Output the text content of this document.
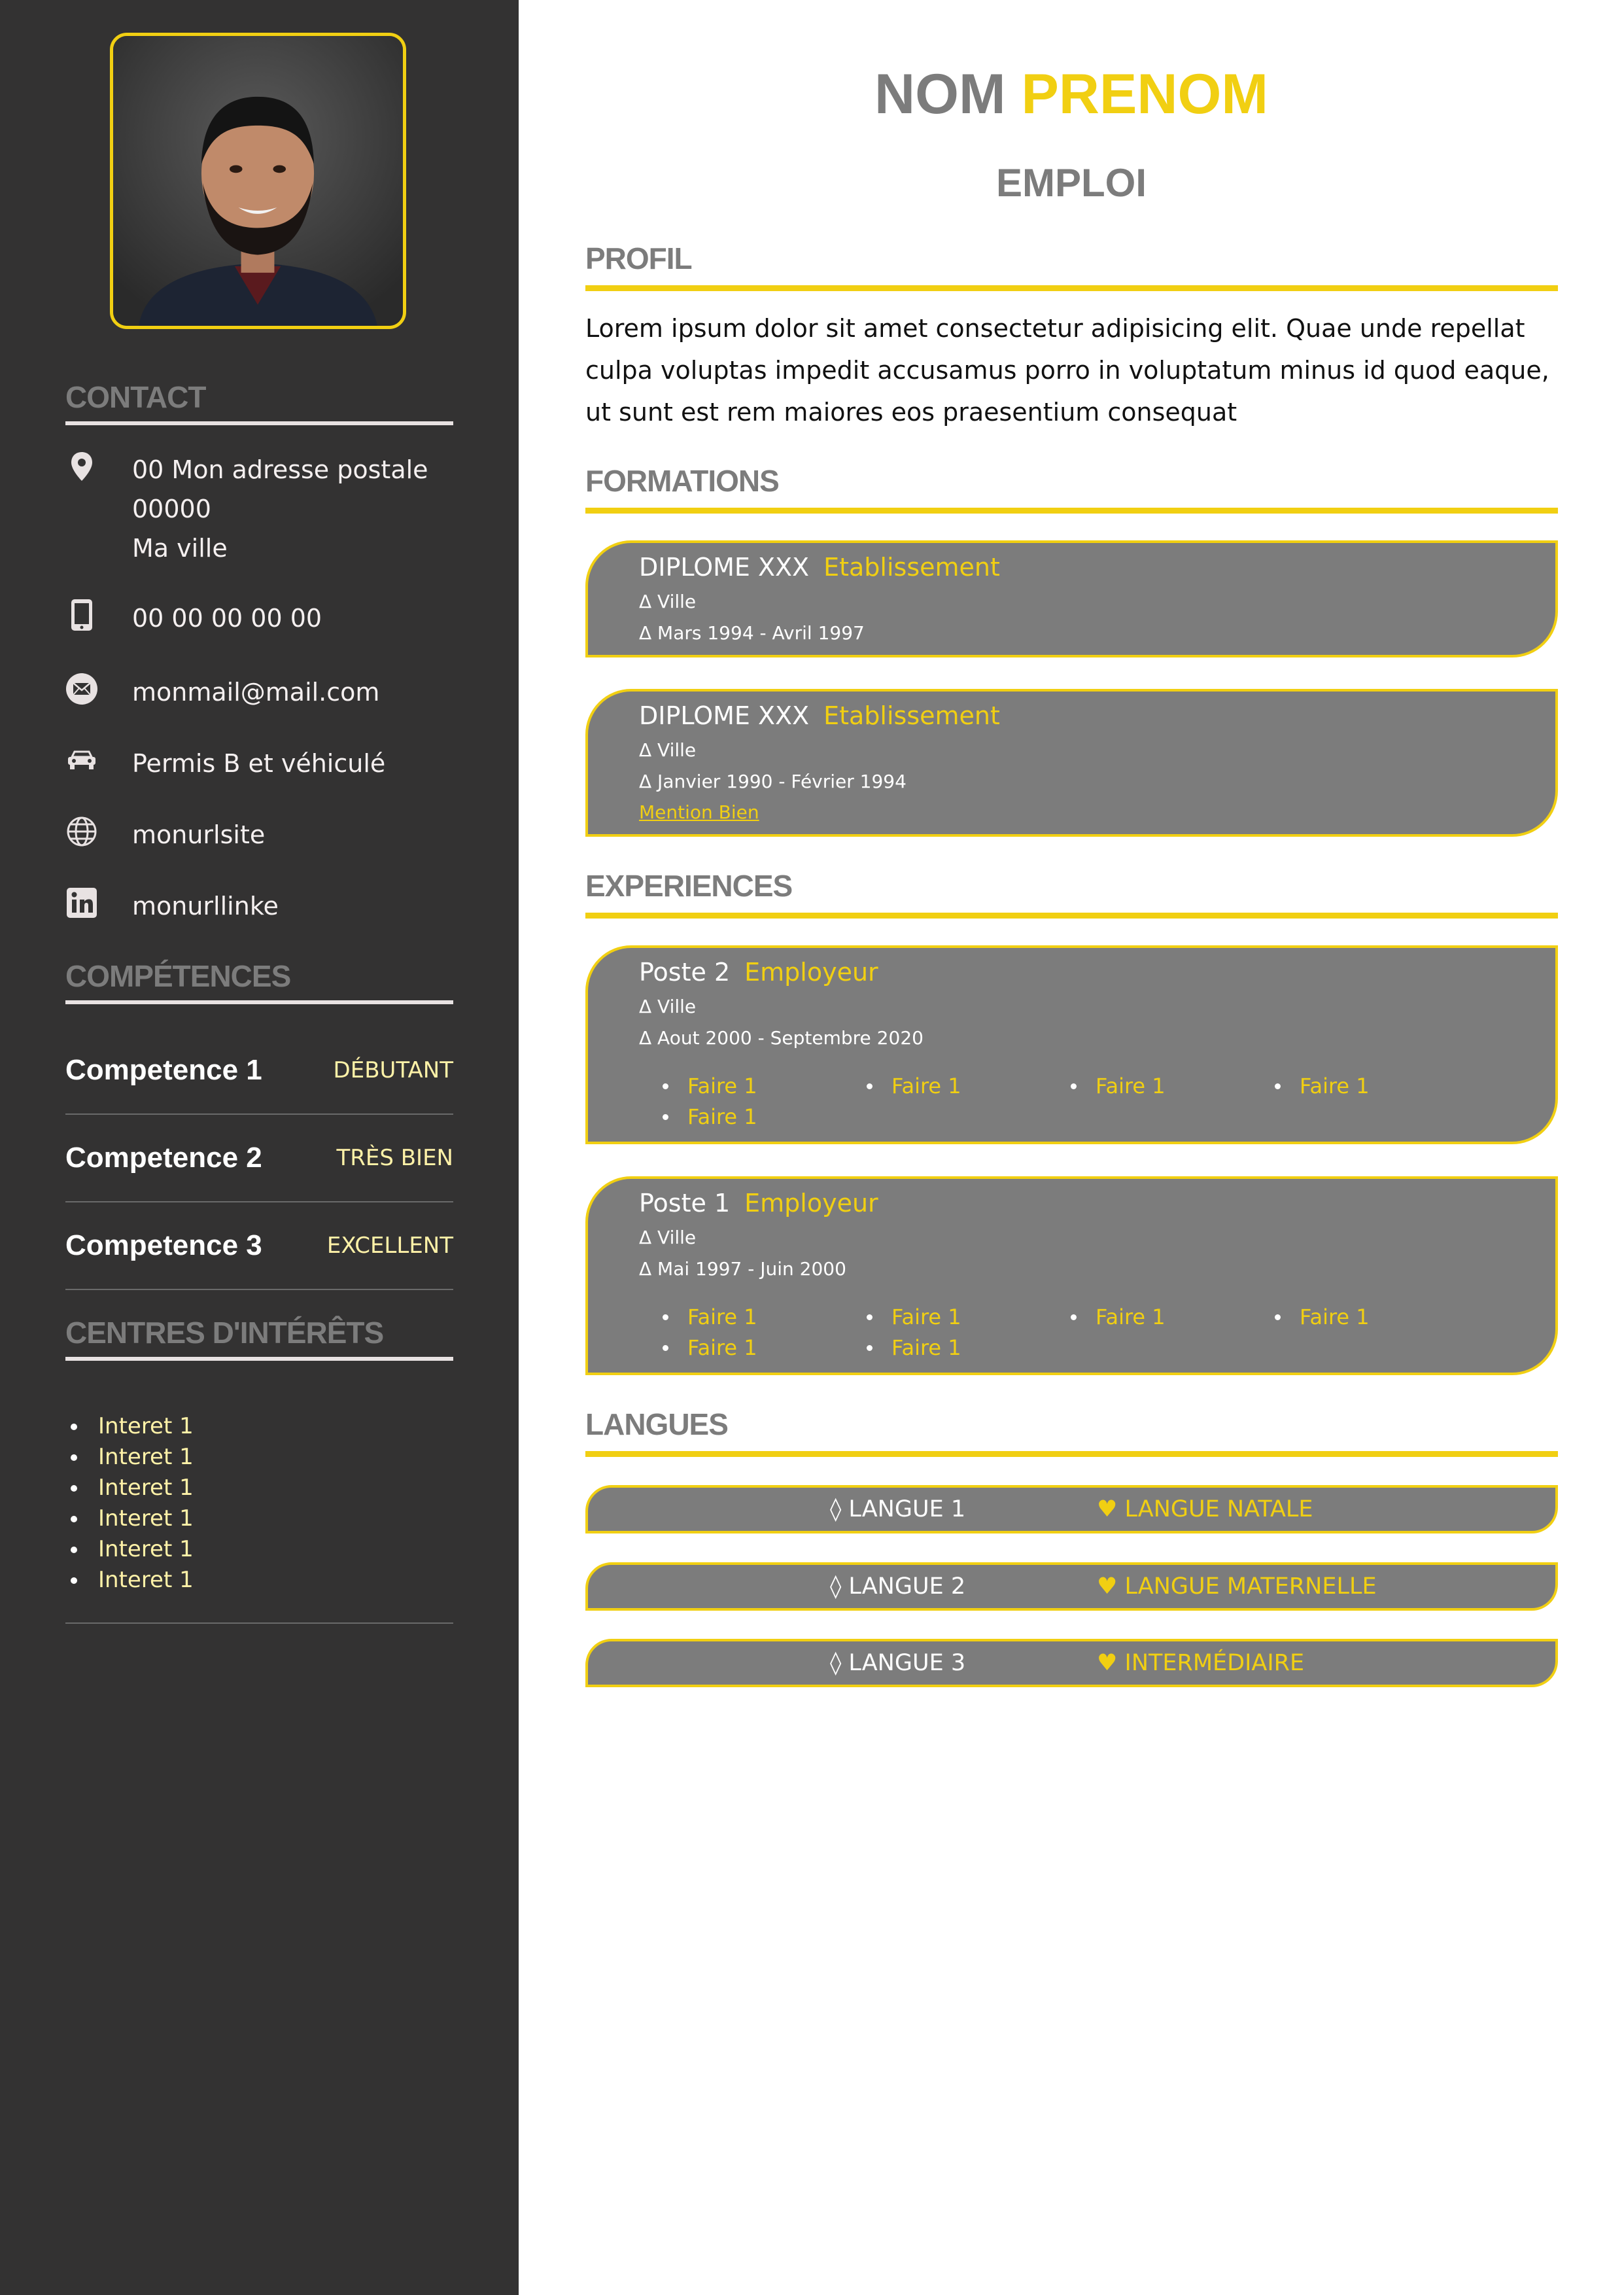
CONTACT
00 Mon adresse postale
00000
Ma ville
00 00 00 00 00
monmail@mail.com
Permis B et véhiculé
monurlsite
monurllinke
COMPÉTENCES
Competence 1	DÉBUTANT
Competence 2	TRÈS BIEN
Competence 3	EXCELLENT
CENTRES D'INTÉRÊTS
Interet 1
Interet 1
Interet 1
Interet 1
Interet 1
Interet 1
NOM PRENOM
EMPLOI
PROFIL
Lorem ipsum dolor sit amet consectetur adipisicing elit. Quae unde repellat culpa voluptas impedit accusamus porro in voluptatum minus id quod eaque, ut sunt est rem maiores eos praesentium consequat
FORMATIONS
DIPLOME XXX Etablissement
Δ Ville
Δ Mars 1994 - Avril 1997
DIPLOME XXX Etablissement
Δ Ville
Δ Janvier 1990 - Février 1994
Mention Bien
EXPERIENCES
Poste 2 Employeur
Δ Ville
Δ Aout 2000 - Septembre 2020
Faire 1	Faire 1	Faire 1	Faire 1
Faire 1
Poste 1 Employeur
Δ Ville
Δ Mai 1997 - Juin 2000
Faire 1	Faire 1	Faire 1	Faire 1
Faire 1	Faire 1
LANGUES
◊ LANGUE 1	♥ LANGUE NATALE
◊ LANGUE 2	♥ LANGUE MATERNELLE
◊ LANGUE 3	♥ INTERMÉDIAIRE
